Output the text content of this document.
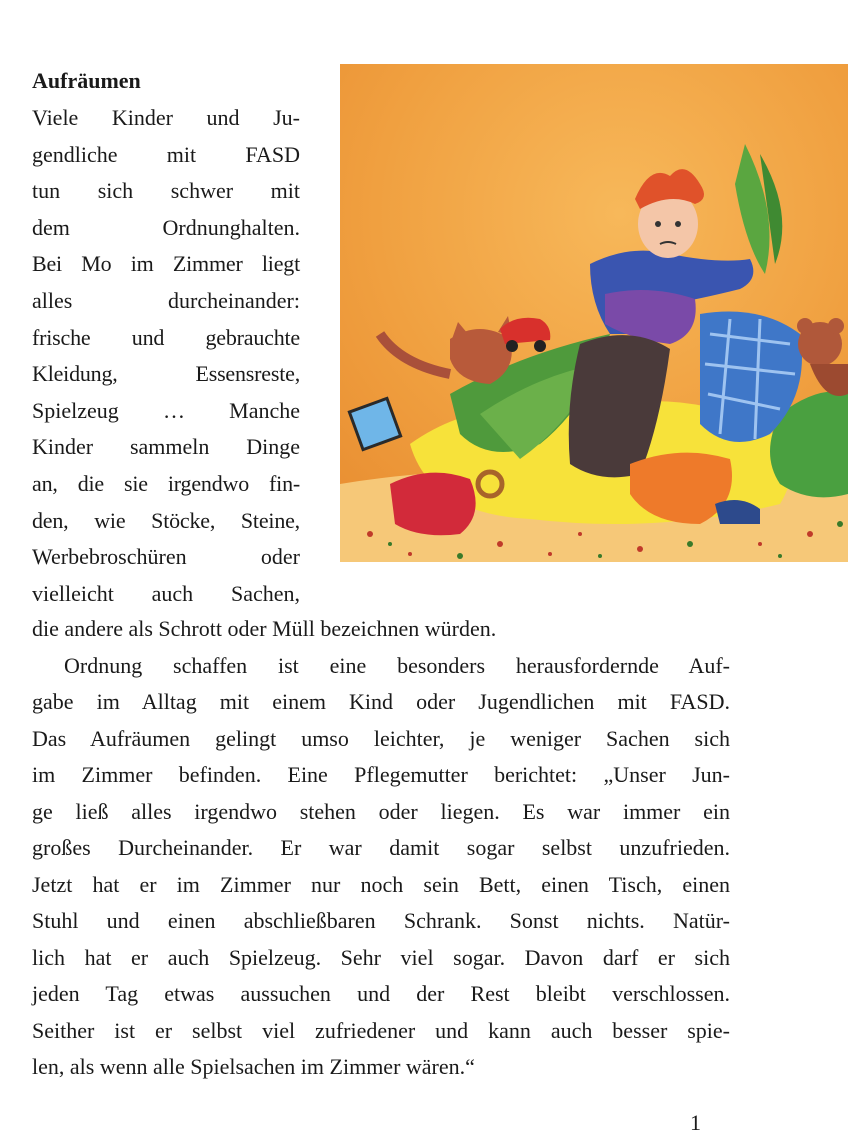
Aufräumen
Viele Kinder und Ju-
gendliche mit FASD
tun sich schwer mit
dem Ordnunghalten.
Bei Mo im Zimmer liegt
alles durcheinander:
frische und gebrauchte
Kleidung, Essensreste,
Spielzeug … Manche
Kinder sammeln Dinge
an, die sie irgendwo fin-
den, wie Stöcke, Steine,
Werbebroschüren oder
vielleicht auch Sachen,
die andere als Schrott oder Müll bezeichnen würden.
Ordnung schaffen ist eine besonders herausfordernde Auf-
gabe im Alltag mit einem Kind oder Jugendlichen mit FASD.
Das Aufräumen gelingt umso leichter, je weniger Sachen sich
im Zimmer befinden. Eine Pflegemutter berichtet: „Unser Jun-
ge ließ alles irgendwo stehen oder liegen. Es war immer ein
großes Durcheinander. Er war damit sogar selbst unzufrieden.
Jetzt hat er im Zimmer nur noch sein Bett, einen Tisch, einen
Stuhl und einen abschließbaren Schrank. Sonst nichts. Natür-
lich hat er auch Spielzeug. Sehr viel sogar. Davon darf er sich
jeden Tag etwas aussuchen und der Rest bleibt verschlossen.
Seither ist er selbst viel zufriedener und kann auch besser spie-
len, als wenn alle Spielsachen im Zimmer wären.“
1
